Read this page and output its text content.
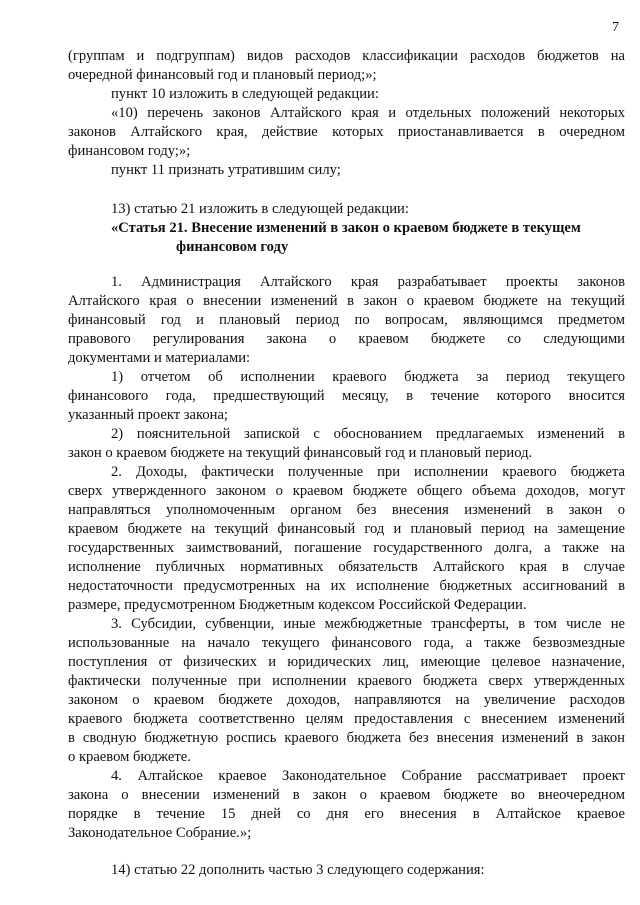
7
(группам и подгруппам) видов расходов классификации расходов бюджетов на
очередной финансовый год и плановый период;»;
пункт 10 изложить в следующей редакции:
«10) перечень законов Алтайского края и отдельных положений некоторых
законов Алтайского края, действие которых приостанавливается в очередном
финансовом году;»;
пункт 11 признать утратившим силу;
13) статью 21 изложить в следующей редакции:
«Статья 21. Внесение изменений в закон о краевом бюджете в текущем
финансовом году
1. Администрация Алтайского края разрабатывает проекты законов
Алтайского края о внесении изменений в закон о краевом бюджете на текущий
финансовый год и плановый период по вопросам, являющимся предметом
правового регулирования закона о краевом бюджете со следующими
документами и материалами:
1) отчетом об исполнении краевого бюджета за период текущего
финансового года, предшествующий месяцу, в течение которого вносится
указанный проект закона;
2) пояснительной запиской с обоснованием предлагаемых изменений в
закон о краевом бюджете на текущий финансовый год и плановый период.
2. Доходы, фактически полученные при исполнении краевого бюджета
сверх утвержденного законом о краевом бюджете общего объема доходов, могут
направляться уполномоченным органом без внесения изменений в закон о
краевом бюджете на текущий финансовый год и плановый период на замещение
государственных заимствований, погашение государственного долга, а также на
исполнение публичных нормативных обязательств Алтайского края в случае
недостаточности предусмотренных на их исполнение бюджетных ассигнований в
размере, предусмотренном Бюджетным кодексом Российской Федерации.
3. Субсидии, субвенции, иные межбюджетные трансферты, в том числе не
использованные на начало текущего финансового года, а также безвозмездные
поступления от физических и юридических лиц, имеющие целевое назначение,
фактически полученные при исполнении краевого бюджета сверх утвержденных
законом о краевом бюджете доходов, направляются на увеличение расходов
краевого бюджета соответственно целям предоставления с внесением изменений
в сводную бюджетную роспись краевого бюджета без внесения изменений в закон
о краевом бюджете.
4. Алтайское краевое Законодательное Собрание рассматривает проект
закона о внесении изменений в закон о краевом бюджете во внеочередном
порядке в течение 15 дней со дня его внесения в Алтайское краевое
Законодательное Собрание.»;
14) статью 22 дополнить частью 3 следующего содержания:
